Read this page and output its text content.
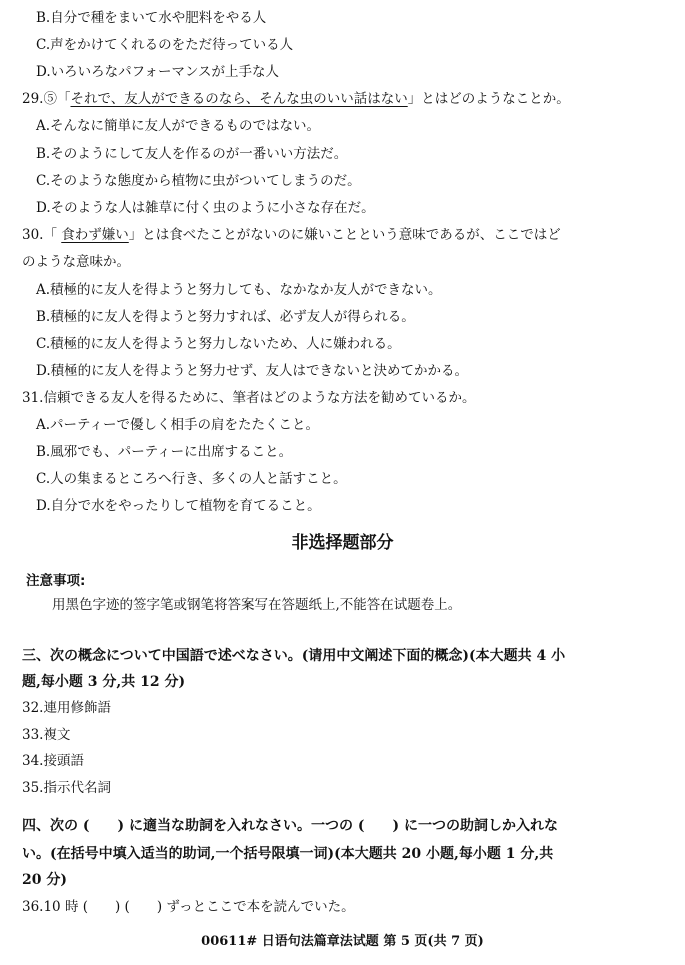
B.自分で種をまいて水や肥料をやる人
C.声をかけてくれるのをただ待っている人
D.いろいろなパフォーマンスが上手な人
29.⑤「それで、友人ができるのなら、そんな虫のいい話はない」とはどのようなことか。
A.そんなに簡単に友人ができるものではない。
B.そのようにして友人を作るのが一番いい方法だ。
C.そのような態度から植物に虫がついてしまうのだ。
D.そのような人は雑草に付く虫のように小さな存在だ。
30.「 食わず嫌い」とは食べたことがないのに嫌いことという意味であるが、ここではど
のような意味か。
A.積極的に友人を得ようと努力しても、なかなか友人ができない。
B.積極的に友人を得ようと努力すれば、必ず友人が得られる。
C.積極的に友人を得ようと努力しないため、人に嫌われる。
D.積極的に友人を得ようと努力せず、友人はできないと決めてかかる。
31.信頼できる友人を得るために、筆者はどのような方法を勧めているか。
A.パーティーで優しく相手の肩をたたくこと。
B.風邪でも、パーティーに出席すること。
C.人の集まるところへ行き、多くの人と話すこと。
D.自分で水をやったりして植物を育てること。
非选择题部分
注意事项:
用黑色字迹的签字笔或钢笔将答案写在答题纸上,不能答在试题卷上。
三、次の概念について中国語で述べなさい。(请用中文阐述下面的概念)(本大题共 4 小
题,每小题 3 分,共 12 分)
32.連用修飾語
33.複文
34.接頭語
35.指示代名詞
四、次の (　　) に適当な助詞を入れなさい。一つの (　　) に一つの助詞しか入れな
い。(在括号中填入适当的助词,一个括号限填一词)(本大题共 20 小题,每小题 1 分,共
20 分)
36.10 時 (　　) (　　) ずっとここで本を読んでいた。
00611# 日语句法篇章法试题 第 5 页(共 7 页)
